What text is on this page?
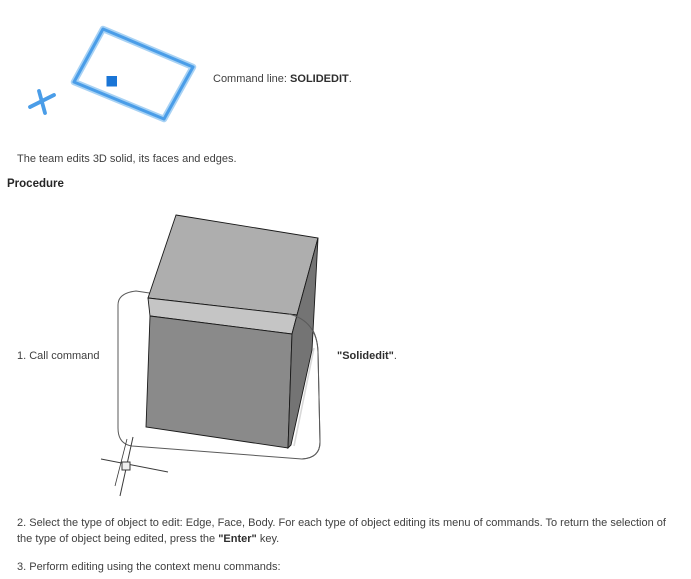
Command line: SOLIDEDIT.
The team edits 3D solid, its faces and edges.
Procedure
1. Call command	"Solidedit".
2. Select the type of object to edit: Edge, Face, Body. For each type of object editing its menu of commands. To return the selection of the type of object being edited, press the "Enter" key.
3. Perform editing using the context menu commands:
